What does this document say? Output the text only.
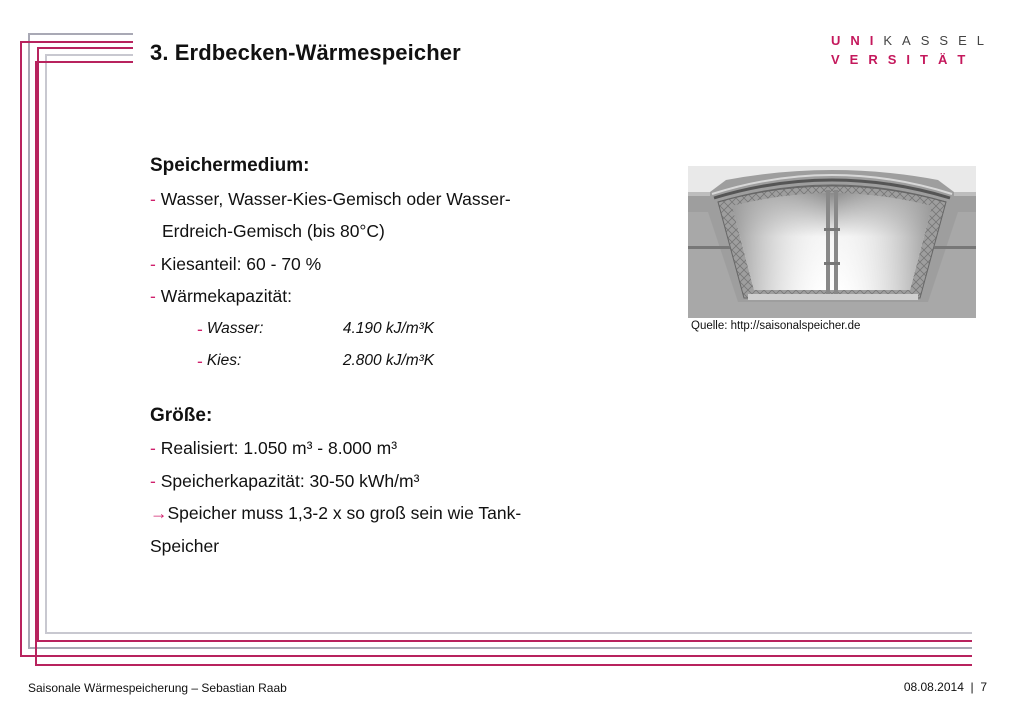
3. Erdbecken-Wärmespeicher	UNIKASSEL
VERSITÄT

Speichermedium:

- Wasser, Wasser-Kies-Gemisch oder Wasser-
Erdreich-Gemisch (bis 80°C)
- Kiesanteil: 60 - 70 %
- Wärmekapazität:
- Wasser:	4.190 kJ/m³K
- Kies:	2.800 kJ/m³K

Größe:

- Realisiert: 1.050 m³ - 8.000 m³
- Speicherkapazität: 30-50 kWh/m³
→Speicher muss 1,3-2 x so groß sein wie Tank-
Speicher
Quelle: http://saisonalspeicher.de
Saisonale Wärmespeicherung – Sebastian Raab	08.08.2014  |  7
